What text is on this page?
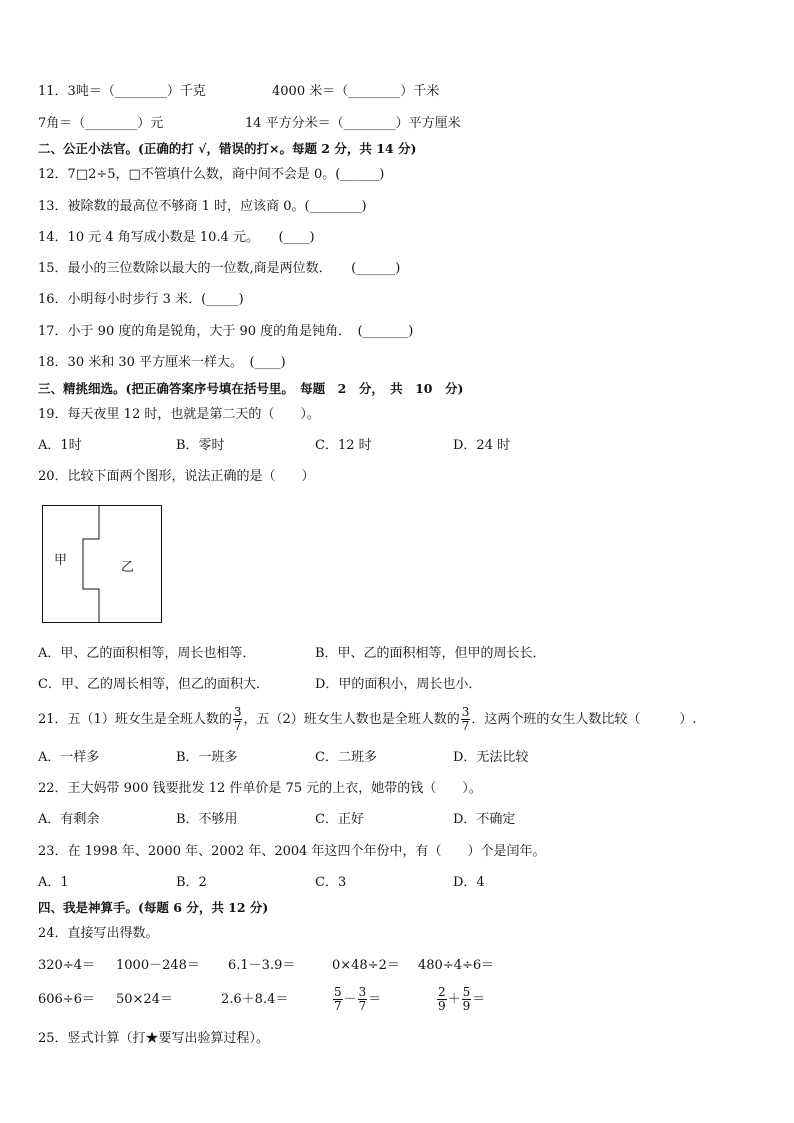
11．3吨＝（________）千克	4000 米＝（________）千米
7角＝（________）元	14 平方分米＝（________）平方厘米
二、公正小法官。(正确的打 √，错误的打×。每题 2 分，共 14 分)
12．7□2÷5，□不管填什么数，商中间不会是 0。(______)
13．被除数的最高位不够商 1 时，应该商 0。(________)
14．10 元 4 角写成小数是 10.4 元。　　(____)
15．最小的三位数除以最大的一位数,商是两位数．　　(______)
16．小明每小时步行 3 米．(_____)
17．小于 90 度的角是锐角，大于 90 度的角是钝角．　(_______)
18．30 米和 30 平方厘米一样大。　(____)
三、精挑细选。(把正确答案序号填在括号里。　每题　2　分，　共　10　分)
19．每天夜里 12 时，也就是第二天的（　　）。
A．1时	B．零时	C．12 时	D．24 时
20．比较下面两个图形，说法正确的是（　　）
甲	乙
A．甲、乙的面积相等，周长也相等．	B．甲、乙的面积相等，但甲的周长长．
C．甲、乙的周长相等，但乙的面积大．	D．甲的面积小，周长也小．
21．五（1）班女生是全班人数的 $\frac{3}{7}$ ，五（2）班女生人数也是全班人数的 $\frac{3}{7}$ ．这两个班的女生人数比较（　　　）.
A．一样多	B．一班多	C．二班多	D．无法比较
22．王大妈带 900 钱要批发 12 件单价是 75 元的上衣，她带的钱（　　）。
A．有剩余	B．不够用	C．正好	D．不确定
23．在 1998 年、2000 年、2002 年、2004 年这四个年份中，有（　　）个是闰年。
A．1	B．2	C．3	D．4
四、我是神算手。(每题 6 分，共 12 分)
24．直接写出得数。
320÷4＝ 1000－248＝ 6.1－3.9＝	0×48÷2＝ 480÷4÷6＝
606÷6＝ 50×24＝	2.6＋8.4＝	$\frac{5}{7} - \frac{3}{7}$ ＝	$\frac{2}{9} + \frac{5}{9}$ ＝
25．竖式计算（打★要写出验算过程）。
